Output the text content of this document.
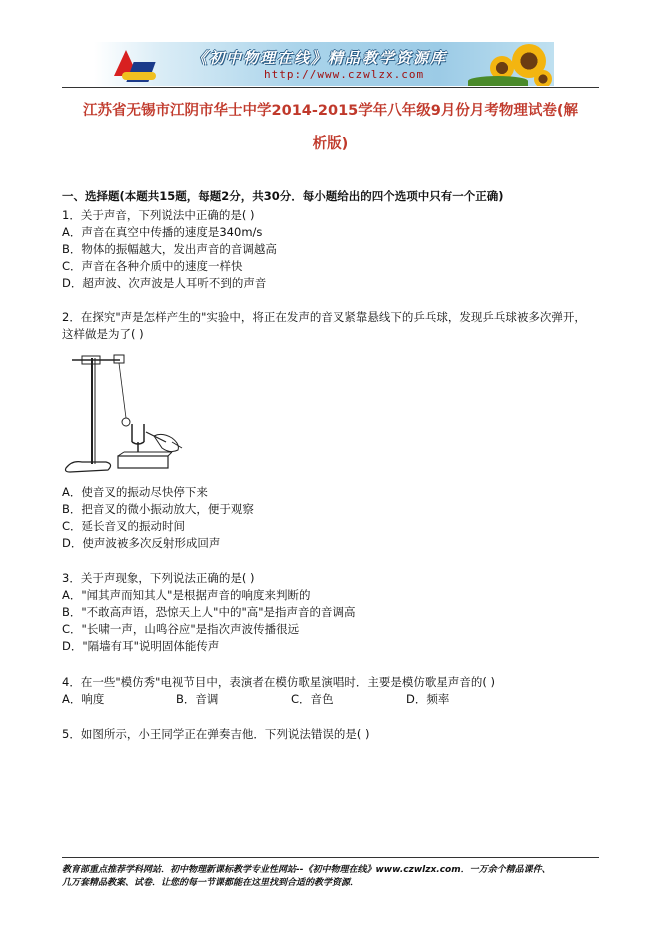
《初中物理在线》精品教学资源库
http://www.czwlzx.com
江苏省无锡市江阴市华士中学2014-2015学年八年级9月份月考物理试卷(解
析版)
一、选择题(本题共15题，每题2分，共30分．每小题给出的四个选项中只有一个正确)
1．关于声音，下列说法中正确的是( )
A．声音在真空中传播的速度是340m/s
B．物体的振幅越大，发出声音的音调越高
C．声音在各种介质中的速度一样快
D．超声波、次声波是人耳听不到的声音
2．在探究"声是怎样产生的"实验中，将正在发声的音叉紧靠悬线下的乒乓球，发现乒乓球被多次弹开，
这样做是为了( )
A．使音叉的振动尽快停下来
B．把音叉的微小振动放大，便于观察
C．延长音叉的振动时间
D．使声波被多次反射形成回声
3．关于声现象，下列说法正确的是( )
A．"闻其声而知其人"是根据声音的响度来判断的
B．"不敢高声语，恐惊天上人"中的"高"是指声音的音调高
C．"长啸一声，山鸣谷应"是指次声波传播很远
D．"隔墙有耳"说明固体能传声
4．在一些"模仿秀"电视节目中，表演者在模仿歌星演唱时．主要是模仿歌星声音的( )
A．响度	B．音调	C．音色	D．频率
5．如图所示，小王同学正在弹奏吉他．下列说法错误的是( )
教育部重点推荐学科网站．初中物理新课标教学专业性网站--《初中物理在线》www.czwlzx.com．一万余个精品课件、
几万套精品教案、试卷．让您的每一节课都能在这里找到合适的教学资源．
